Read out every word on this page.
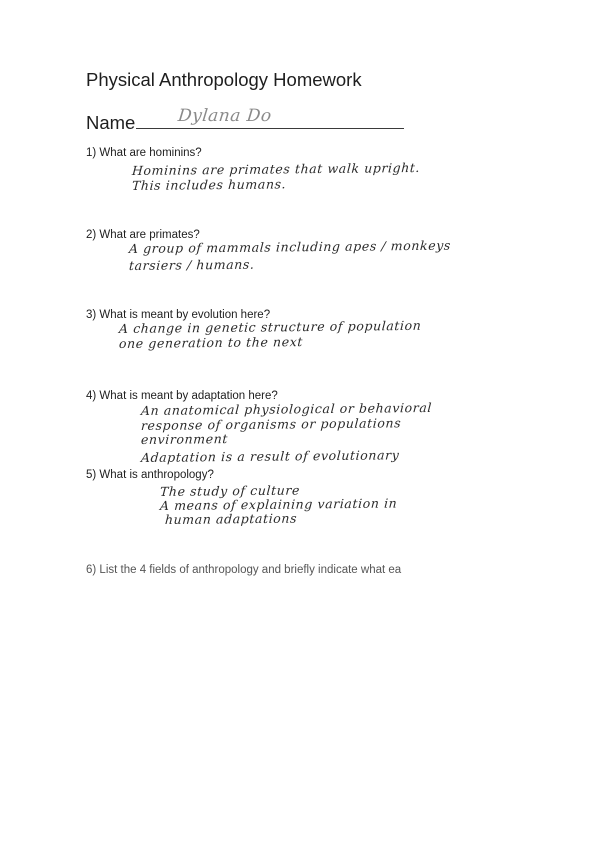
Physical Anthropology Homework
Name Dylana Do
1) What are hominins?
Hominins are primates that walk upright.
This includes humans.
2) What are primates?
A group of mammals including apes / monkeys
tarsiers / humans.
3) What is meant by evolution here?
A change in genetic structure of population
one generation to the next
4) What is meant by adaptation here?
An anatomical physiological or behavioral
response of organisms or populations
environment
Adaptation is a result of evolutionary
5) What is anthropology?
The study of culture
A means of explaining variation in
human adaptations
6) List the 4 fields of anthropology and briefly indicate what ea
